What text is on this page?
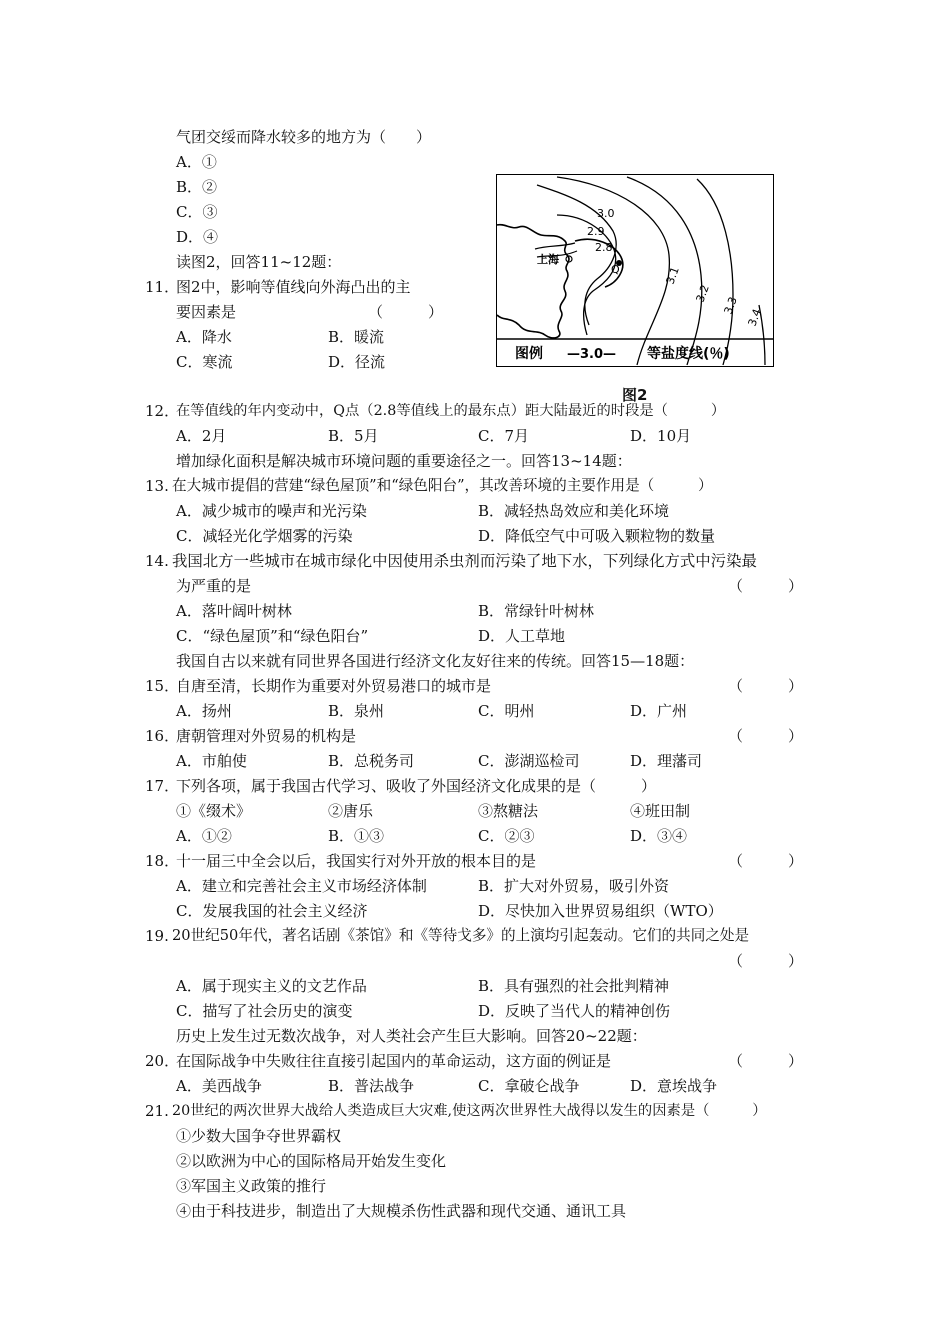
气团交绥而降水较多的地方为（　　）
A．①
B．②
C．③
D．④
读图2，回答11~12题：
11．
图2中，影响等值线向外海凸出的主
要因素是	（　　　）
A．降水	B．暖流
C．寒流	D．径流
3.0
2.9
2.8
3.1
3.2
3.3
3.4
上海
Q
图例 —3.0— 等盐度线(％)
图2
12．
在等值线的年内变动中，Q点（2.8等值线上的最东点）距大陆最近的时段是（　　　）
A．2月	B．5月	C．7月	D．10月
增加绿化面积是解决城市环境问题的重要途径之一。回答13~14题：
13. 在大城市提倡的营建“绿色屋顶”和“绿色阳台”，其改善环境的主要作用是（　　　）
A．减少城市的噪声和光污染	B．减轻热岛效应和美化环境
C．减轻光化学烟雾的污染	D．降低空气中可吸入颗粒物的数量
14. 我国北方一些城市在城市绿化中因使用杀虫剂而污染了地下水，下列绿化方式中污染最
为严重的是	（　　　）
A．落叶阔叶树林	B．常绿针叶树林
C．“绿色屋顶”和“绿色阳台”	D．人工草地
我国自古以来就有同世界各国进行经济文化友好往来的传统。回答15—18题：
15．
自唐至清，长期作为重要对外贸易港口的城市是	（　　　）
A．扬州	B．泉州	C．明州	D．广州
16．
唐朝管理对外贸易的机构是	（　　　）
A．市舶使	B．总税务司	C．澎湖巡检司	D．理藩司
17．
下列各项，属于我国古代学习、吸收了外国经济文化成果的是（　　　）
①《缀术》	②唐乐	③熬糖法	④班田制
A．①②	B．①③	C．②③	D．③④
18．
十一届三中全会以后，我国实行对外开放的根本目的是	（　　　）
A．建立和完善社会主义市场经济体制	B．扩大对外贸易，吸引外资
C．发展我国的社会主义经济	D．尽快加入世界贸易组织（WTO）
19. 20世纪50年代，著名话剧《茶馆》和《等待戈多》的上演均引起轰动。它们的共同之处是
（　　　）
A．属于现实主义的文艺作品	B．具有强烈的社会批判精神
C．描写了社会历史的演变	D．反映了当代人的精神创伤
历史上发生过无数次战争，对人类社会产生巨大影响。回答20~22题：
20．
在国际战争中失败往往直接引起国内的革命运动，这方面的例证是	（　　　）
A．美西战争	B．普法战争	C．拿破仑战争	D．意埃战争
21. 20世纪的两次世界大战给人类造成巨大灾难,使这两次世界性大战得以发生的因素是（　　　）
①少数大国争夺世界霸权
②以欧洲为中心的国际格局开始发生变化
③军国主义政策的推行
④由于科技进步，制造出了大规模杀伤性武器和现代交通、通讯工具
